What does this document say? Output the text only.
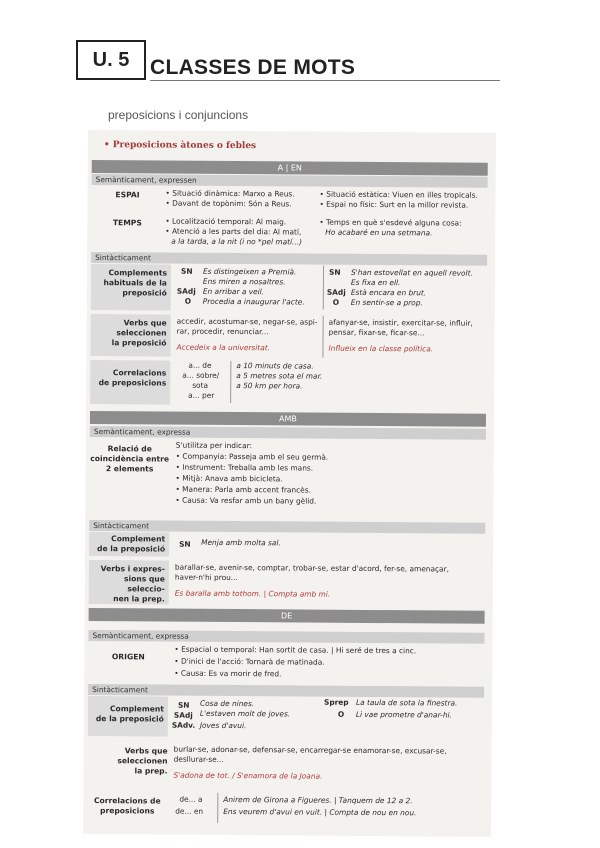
U. 5 CLASSES DE MOTS
preposicions i conjuncions
• Preposicions àtones o febles
A | EN
Semànticament, expressen
ESPAI	• Situació dinàmica: Marxo a Reus.
• Davant de topònim: Són a Reus.
• Situació estàtica: Viuen en illes tropicals.
• Espai no físic: Surt en la millor revista.
TEMPS	• Localització temporal: Al maig.
• Atenció a les parts del dia: Al matí,
a la tarda, a la nit (i no *pel matí...)
• Temps en què s'esdevé alguna cosa:
Ho acabaré en una setmana.
Sintàcticament
Complements
habituals de la
preposició
SN Es distingeixen a Premià.
Ens miren a nosaltres.
SAdj En arribar a veil.
O Procedia a inaugurar l'acte.
SN S'han estovellat en aquell revolt.
Es fixa en ell.
SAdj Està encara en brut.
O En sentir-se a prop.
Verbs que
seleccionen
la preposició
accedir, acostumar-se, negar-se, aspi-
rar, procedir, renunciar...
Accedeix a la universitat.
afanyar-se, insistir, exercitar-se, influir,
pensar, fixar-se, ficar-se...
Influeix en la classe política.
Correlacions
de preposicions
a... de
a... sobre/
sota
a... per
a 10 minuts de casa.
a 5 metres sota el mar.
a 50 km per hora.
AMB
Semànticament, expressa
Relació de
coincidència entre
2 elements
S'utilitza per indicar:
• Companyia: Passeja amb el seu germà.
• Instrument: Treballa amb les mans.
• Mitjà: Anava amb bicicleta.
• Manera: Parla amb accent francès.
• Causa: Va resfar amb un bany gèlid.
Sintàcticament
Complement
de la preposició SN Menja amb molta sal.
Verbs i expres-
sions que seleccio-
nen la prep.
barallar-se, avenir-se, comptar, trobar-se, estar d'acord, fer-se, amenaçar,
haver-n'hi prou...
Es baralla amb tothom. | Compta amb mi.
DE
Semànticament, expressa
ORIGEN
• Espacial o temporal: Han sortit de casa. | Hi seré de tres a cinc.
• D'inici de l'acció: Tornarà de matinada.
• Causa: Es va morir de fred.
Sintàcticament
Complement
de la preposició
SN Cosa de nines.
SAdj L'estaven molt de joves.
SAdv. Joves d'avui.
Sprep La taula de sota la finestra.
O Li vae prometre d'anar-hi.
Verbs que
seleccionen
la prep.
burlar-se, adonar-se, defensar-se, encarregar-se enamorar-se, excusar-se,
desllurar-se...
S'adona de tot. / S'enamora de la Joana.
Correlacions de
preposicions
de... a
de... en
Anirem de Girona a Figueres. | Tanquem de 12 a 2.
Ens veurem d'avui en vuit. | Compta de nou en nou.
